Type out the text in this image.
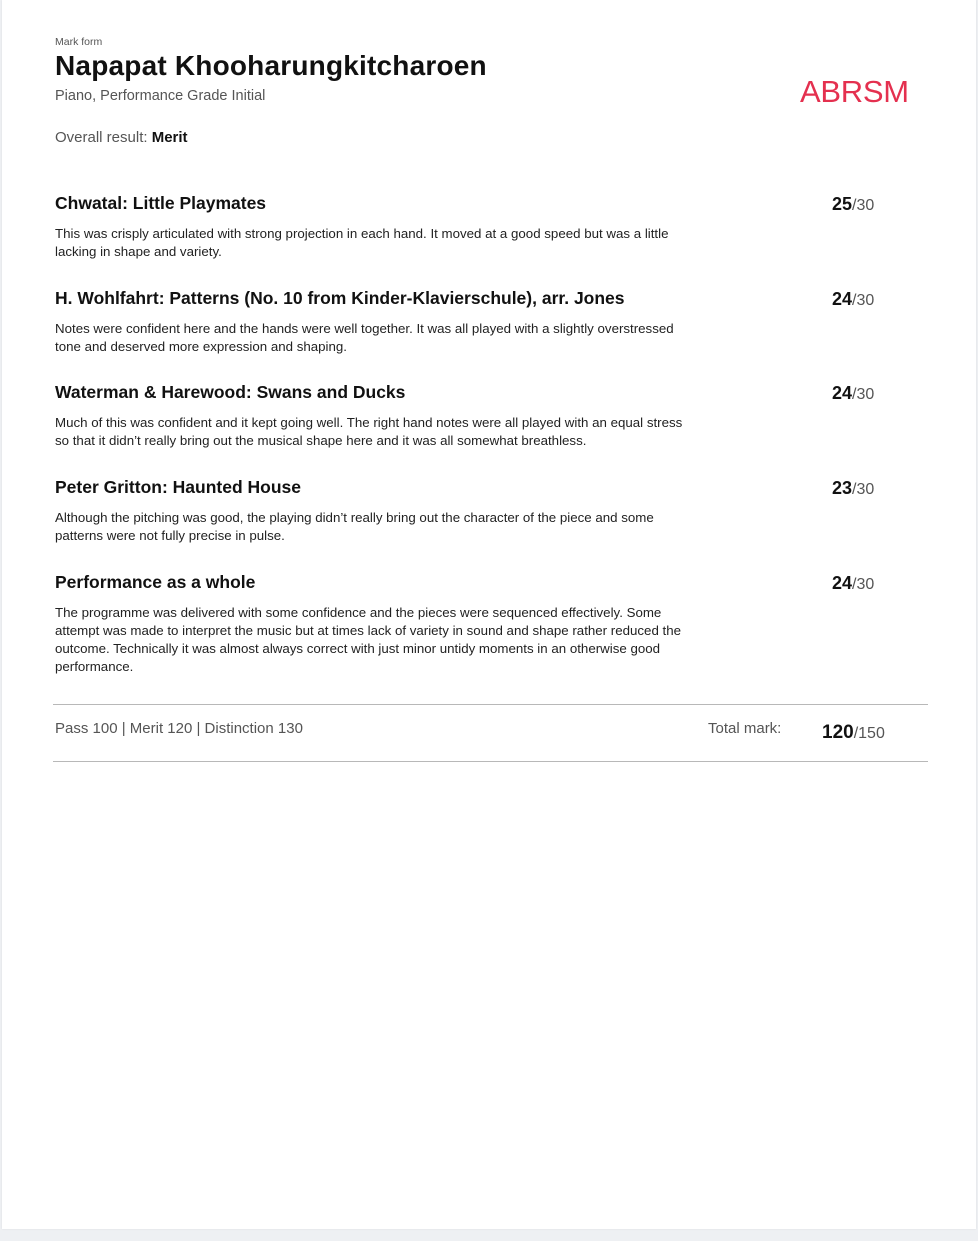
Mark form
Napapat Khooharungkitcharoen
Piano, Performance Grade Initial	ABRSM
Overall result: Merit
Chwatal: Little Playmates	25/30
This was crisply articulated with strong projection in each hand. It moved at a good speed but was a little lacking in shape and variety.
H. Wohlfahrt: Patterns (No. 10 from Kinder-Klavierschule), arr. Jones	24/30
Notes were confident here and the hands were well together. It was all played with a slightly overstressed tone and deserved more expression and shaping.
Waterman & Harewood: Swans and Ducks	24/30
Much of this was confident and it kept going well. The right hand notes were all played with an equal stress so that it didn’t really bring out the musical shape here and it was all somewhat breathless.
Peter Gritton: Haunted House	23/30
Although the pitching was good, the playing didn’t really bring out the character of the piece and some patterns were not fully precise in pulse.
Performance as a whole	24/30
The programme was delivered with some confidence and the pieces were sequenced effectively. Some attempt was made to interpret the music but at times lack of variety in sound and shape rather reduced the outcome. Technically it was almost always correct with just minor untidy moments in an otherwise good performance.
Pass 100 | Merit 120 | Distinction 130	Total mark: 120/150
